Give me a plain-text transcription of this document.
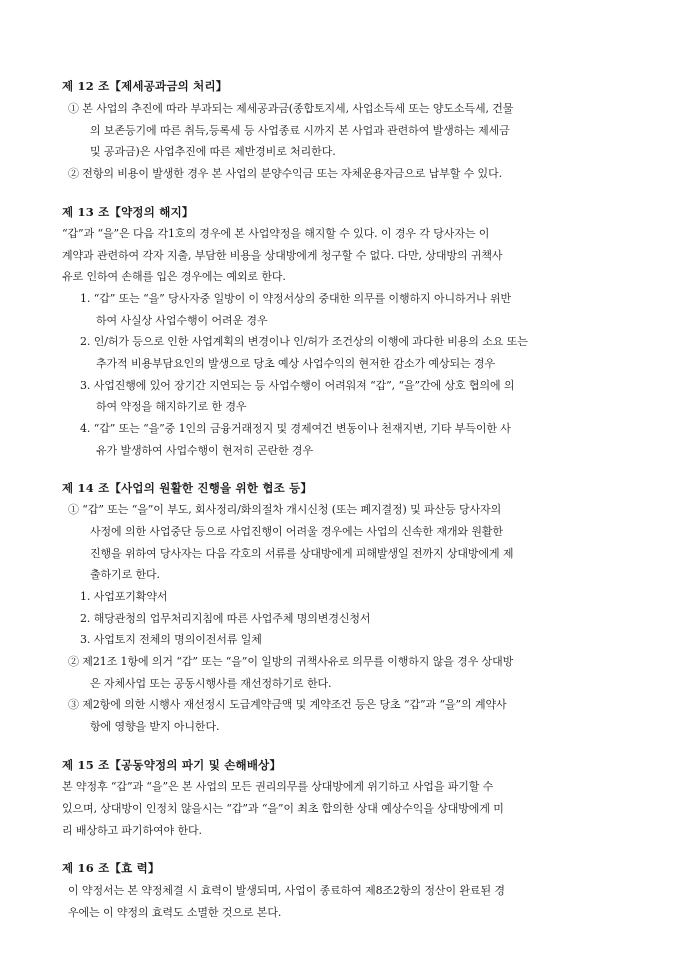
제 12 조【제세공과금의 처리】
① 본 사업의 추진에 따라 부과되는 제세공과금(종합토지세, 사업소득세 또는 양도소득세, 건물
의 보존등기에 따른 취득,등록세 등 사업종료 시까지 본 사업과 관련하여 발생하는 제세금
및 공과금)은 사업추진에 따른 제반경비로 처리한다.
② 전항의 비용이 발생한 경우 본 사업의 분양수익금 또는 자체운용자금으로 납부할 수 있다.
제 13 조【약정의 해지】
“갑”과 “을”은 다음 각1호의 경우에 본 사업약정을 해지할 수 있다. 이 경우 각 당사자는 이
계약과 관련하여 각자 지출, 부담한 비용을 상대방에게 청구할 수 없다. 다만, 상대방의 귀책사
유로 인하여 손해를 입은 경우에는 예외로 한다.
1. “갑” 또는 “을” 당사자중 일방이 이 약정서상의 중대한 의무를 이행하지 아니하거나 위반
하여 사실상 사업수행이 어려운 경우
2. 인/허가 등으로 인한 사업계획의 변경이나 인/허가 조건상의 이행에 과다한 비용의 소요 또는
추가적 비용부담요인의 발생으로 당초 예상 사업수익의 현저한 감소가 예상되는 경우
3. 사업진행에 있어 장기간 지연되는 등 사업수행이 어려워져 “갑”, “을”간에 상호 협의에 의
하여 약정을 해지하기로 한 경우
4. “갑” 또는 “을”중 1인의 금융거래정지 및 경제여건 변동이나 천재지변, 기타 부득이한 사
유가 발생하여 사업수행이 현저히 곤란한 경우
제 14 조【사업의 원활한 진행을 위한 협조 등】
① “갑” 또는 “을”이 부도, 회사정리/화의절차 개시신청 (또는 폐지결정) 및 파산등 당사자의
사정에 의한 사업중단 등으로 사업진행이 어려울 경우에는 사업의 신속한 재개와 원활한
진행을 위하여 당사자는 다음 각호의 서류를 상대방에게 피해발생일 전까지 상대방에게 제
출하기로 한다.
1. 사업포기확약서
2. 해당관청의 업무처리지침에 따른 사업주체 명의변경신청서
3. 사업토지 전체의 명의이전서류 일체
② 제21조 1항에 의거 “갑” 또는 “을”이 일방의 귀책사유로 의무를 이행하지 않을 경우 상대방
은 자체사업 또는 공동시행사를 재선정하기로 한다.
③ 제2항에 의한 시행사 재선정시 도급계약금액 및 계약조건 등은 당초 “갑”과 “을”의 계약사
항에 영향을 받지 아니한다.
제 15 조【공동약정의 파기 및 손해배상】
본 약정후 “갑”과 “을”은 본 사업의 모든 권리의무를 상대방에게 위기하고 사업을 파기할 수
있으며, 상대방이 인정치 않을시는 “갑”과 “을”이 최초 합의한 상대 예상수익을 상대방에게 미
리 배상하고 파기하여야 한다.
제 16 조【효 력】
이 약정서는 본 약정체결 시 효력이 발생되며, 사업이 종료하여 제8조2항의 정산이 완료된 경
우에는 이 약정의 효력도 소멸한 것으로 본다.
